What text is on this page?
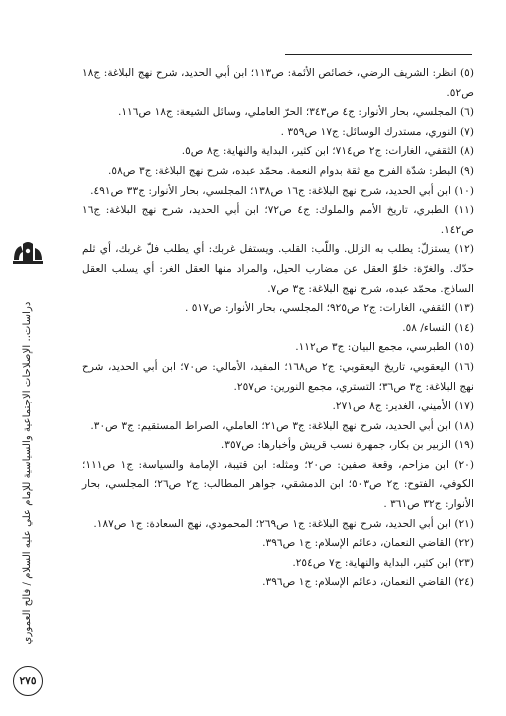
(٥) انظر: الشريف الرضي، خصائص الأئمة: ص١١٣؛ ابن أبي الحديد، شرح نهج البلاغة: ج١٨ ص٥٢.

(٦) المجلسي، بحار الأنوار: ج٤ ص٣٤٣؛ الحرّ العاملي، وسائل الشيعة: ج١٨ ص١١٦.

(٧) النوري، مستدرك الوسائل: ج١٧ ص٣٥٩ .

(٨) الثقفي، الغارات: ج٢ ص٧١٤؛ ابن كثير، البداية والنهاية: ج٨ ص٥.

(٩) البطر: شدّة الفرح مع ثقة بدوام النعمة. محمّد عبده، شرح نهج البلاغة: ج٣ ص٥٨.

(١٠) ابن أبي الحديد، شرح نهج البلاغة: ج١٦ ص١٣٨؛ المجلسي، بحار الأنوار: ج٣٣ ص٤٩١.

(١١) الطبري، تاريخ الأمم والملوك: ج٤ ص٧٢؛ ابن أبي الحديد، شرح نهج البلاغة: ج١٦ ص١٤٢.

(١٢) يستزلّ: يطلب به الزلل. واللّب: القلب. ويستفل غربك: أي يطلب فلّ غربك، أي ثلم حدّك. والغرّة: خلوّ العقل عن مضارب الحيل، والمراد منها العقل الغر: أي يسلب العقل الساذج. محمّد عبده، شرح نهج البلاغة: ج٣ ص٧.

(١٣) الثقفي، الغارات: ج٢ ص٩٢٥؛ المجلسي، بحار الأنوار: ص٥١٧ .

(١٤) النساء/ ٥٨.

(١٥) الطبرسي، مجمع البيان: ج٣ ص١١٢.

(١٦) اليعقوبي، تاريخ اليعقوبي: ج٢ ص١٦٨؛ المفيد، الأمالي: ص٧٠؛ ابن أبي الحديد، شرح نهج البلاغة: ج٣ ص٣٦؛ التستري، مجمع النورين: ص٢٥٧.

(١٧) الأميني، الغدير: ج٨ ص٢٧١.

(١٨) ابن أبي الحديد، شرح نهج البلاغة: ج٣ ص٢١؛ العاملي، الصراط المستقيم: ج٣ ص٣٠.

(١٩) الزبير بن بكار، جمهرة نسب قريش وأخبارها: ص٣٥٧.

(٢٠) ابن مزاحم، وقعة صفين: ص٢٠؛ ومثله: ابن قتيبة، الإمامة والسياسة: ج١ ص١١١؛ الكوفي، الفتوح: ج٢ ص٥٠٣؛ ابن الدمشقي، جواهر المطالب: ج٢ ص٢٦؛ المجلسي، بحار الأنوار: ج٣٢ ص٣٦١ .

(٢١) ابن أبي الحديد، شرح نهج البلاغة: ج١ ص٢٦٩؛ المحمودي، نهج السعادة: ج١ ص١٨٧.

(٢٢) القاضي النعمان، دعائم الإسلام: ج١ ص٣٩٦.

(٢٣) ابن كثير، البداية والنهاية: ج٧ ص٢٥٤.

(٢٤) القاضي النعمان، دعائم الإسلام: ج١ ص٣٩٦.

دراسات.. الإصلاحات الاجتماعية والسياسية للإمام علي عليه السلام / فالح العموري
٢٧٥
